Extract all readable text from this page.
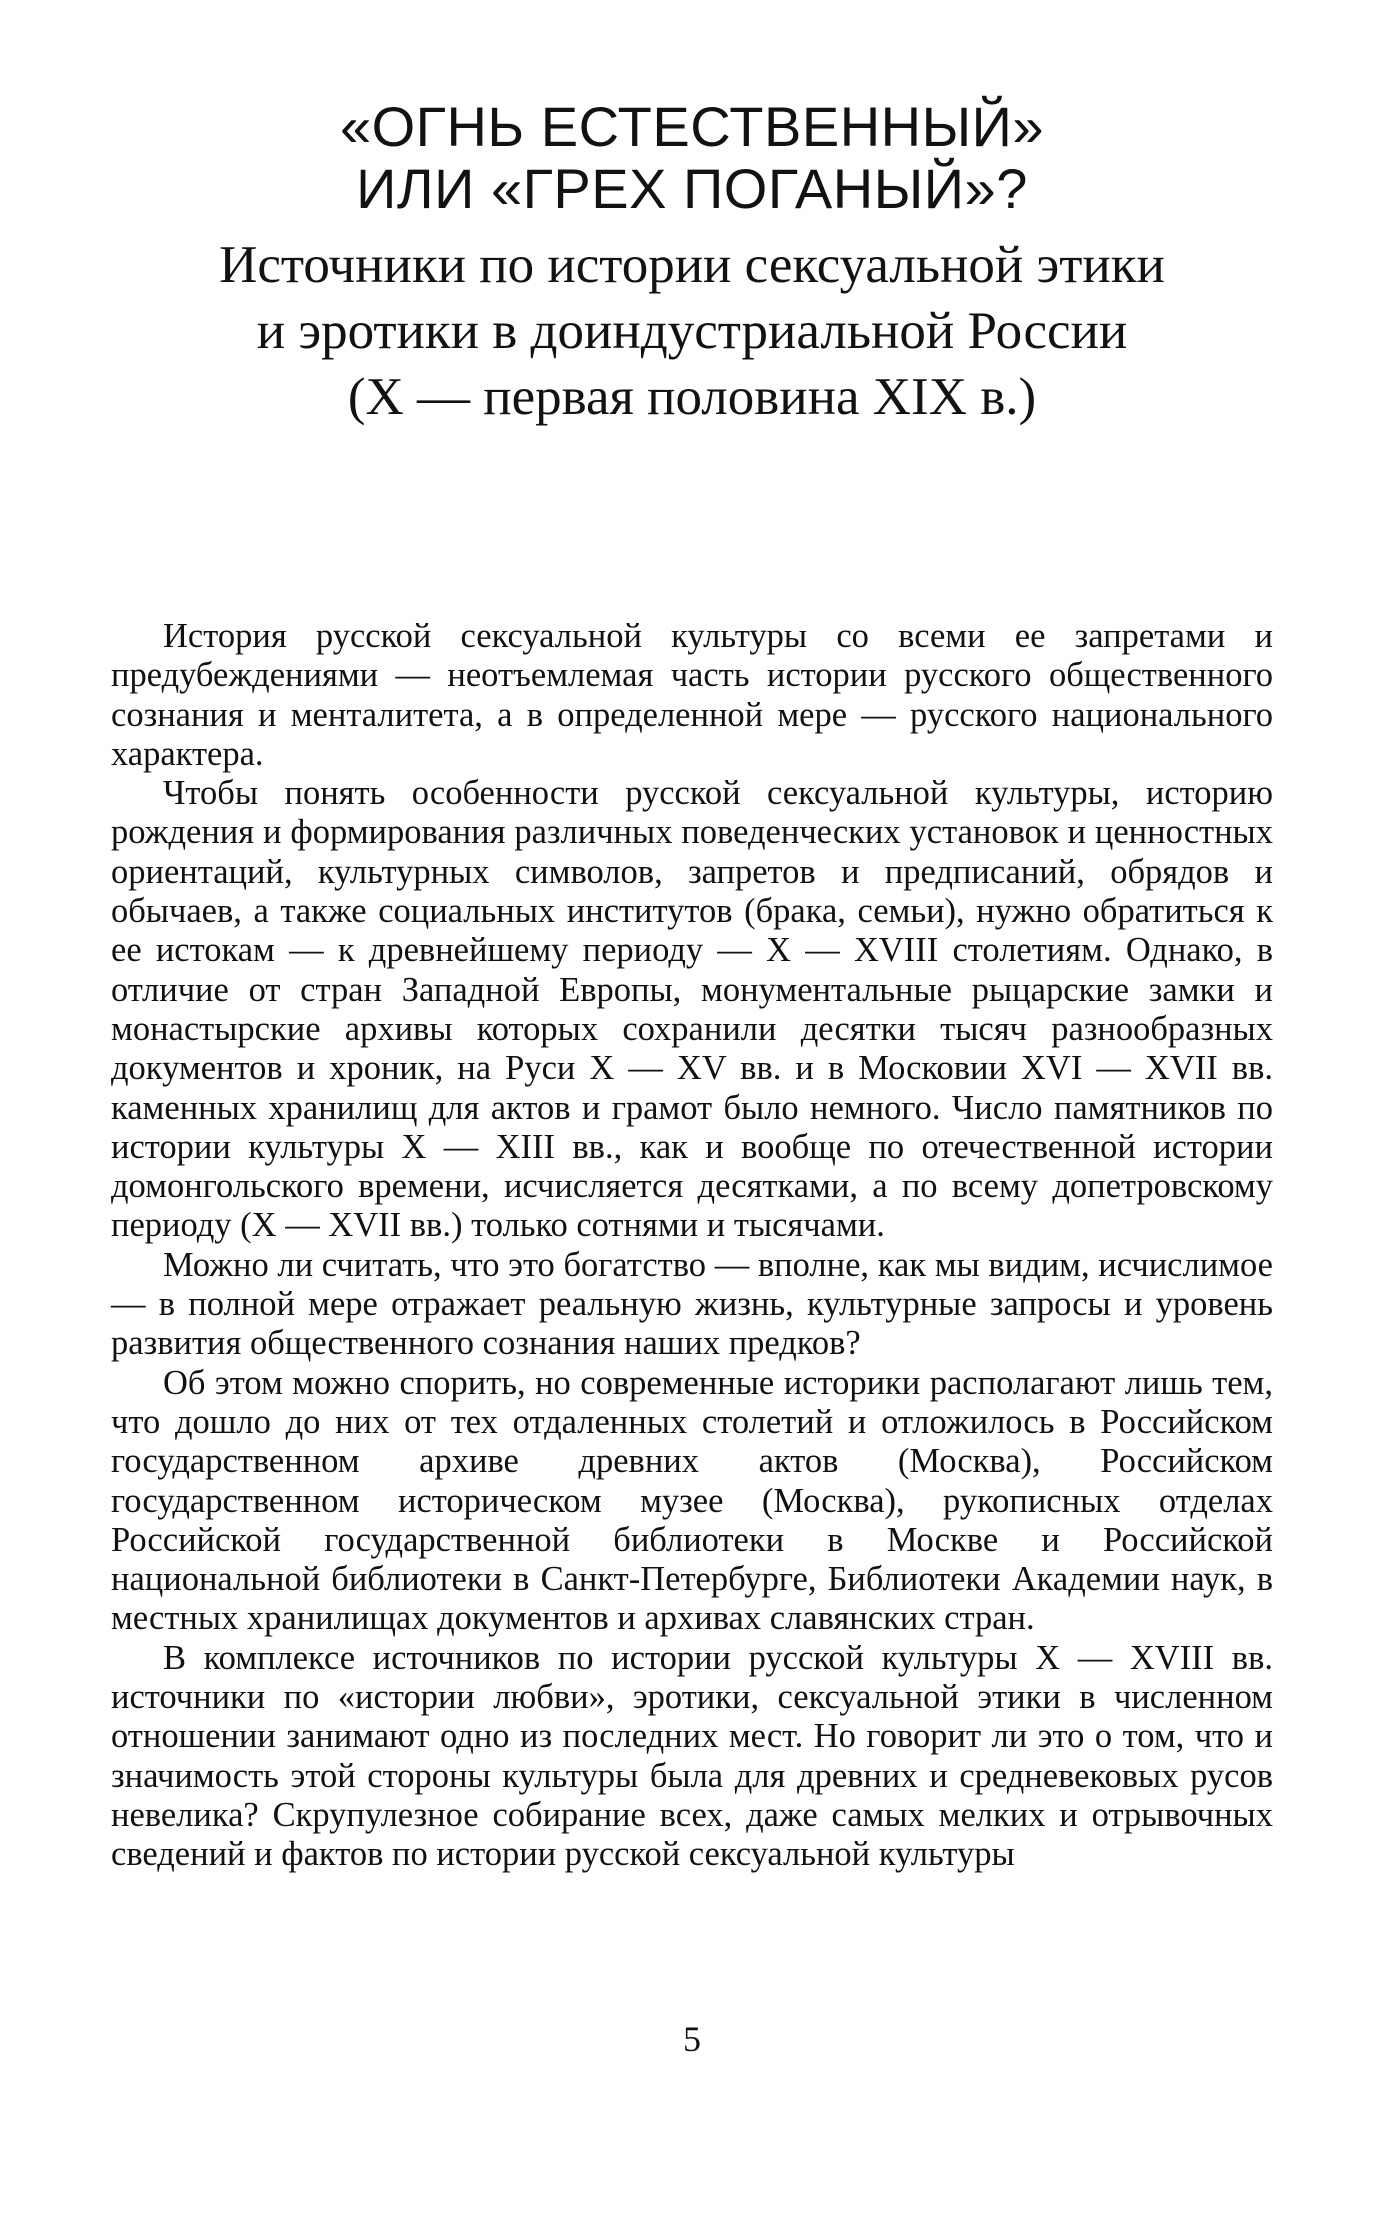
«ОГНЬ ЕСТЕСТВЕННЫЙ»
ИЛИ «ГРЕХ ПОГАНЫЙ»?
Источники по истории сексуальной этики
и эротики в доиндустриальной России
(X — первая половина XIX в.)

История русской сексуальной культуры со всеми ее запретами и предубеждениями — неотъемлемая часть истории русского общественного сознания и менталитета, а в определенной мере — русского национального характера.

Чтобы понять особенности русской сексуальной культуры, историю рождения и формирования различных поведенческих установок и ценностных ориентаций, культурных символов, запретов и предписаний, обрядов и обычаев, а также социальных институтов (брака, семьи), нужно обратиться к ее истокам — к древнейшему периоду — X — XVIII столетиям. Однако, в отличие от стран Западной Европы, монументальные рыцарские замки и монастырские архивы которых сохранили десятки тысяч разнообразных документов и хроник, на Руси X — XV вв. и в Московии XVI — XVII вв. каменных хранилищ для актов и грамот было немного. Число памятников по истории культуры X — XIII вв., как и вообще по отечественной истории домонгольского времени, исчисляется десятками, а по всему допетровскому периоду (X — XVII вв.) только сотнями и тысячами.

Можно ли считать, что это богатство — вполне, как мы видим, исчислимое — в полной мере отражает реальную жизнь, культурные запросы и уровень развития общественного сознания наших предков?

Об этом можно спорить, но современные историки располагают лишь тем, что дошло до них от тех отдаленных столетий и отложилось в Российском государственном архиве древних актов (Москва), Российском государственном историческом музее (Москва), рукописных отделах Российской государственной библиотеки в Москве и Российской национальной библиотеки в Санкт-Петербурге, Библиотеки Академии наук, в местных хранилищах документов и архивах славянских стран.

В комплексе источников по истории русской культуры X — XVIII вв. источники по «истории любви», эротики, сексуальной этики в численном отношении занимают одно из последних мест. Но говорит ли это о том, что и значимость этой стороны культуры была для древних и средневековых русов невелика? Скрупулезное собирание всех, даже самых мелких и отрывочных сведений и фактов по истории русской сексуальной культуры

5
